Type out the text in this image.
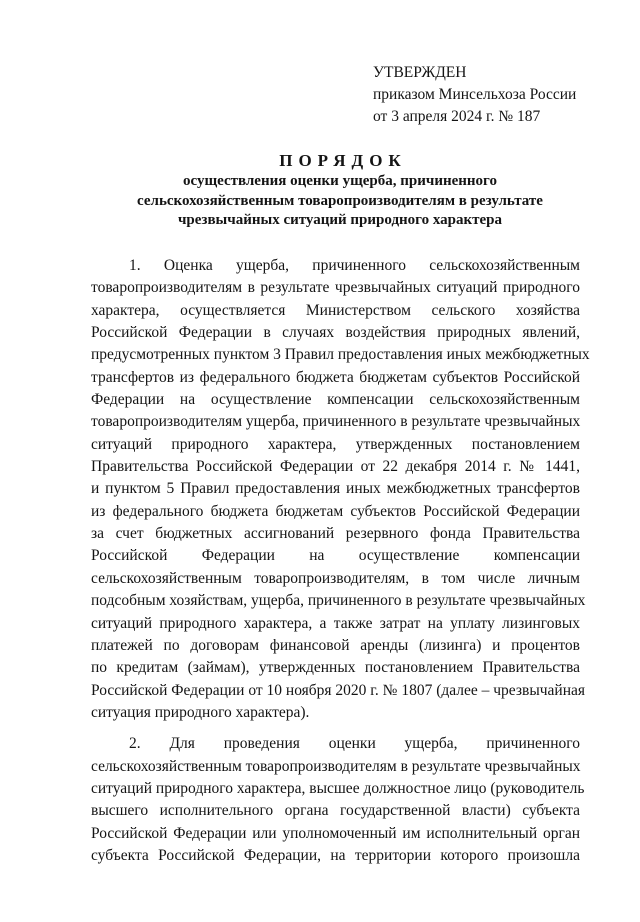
УТВЕРЖДЕН
приказом Минсельхоза России
от 3 апреля 2024 г. № 187
ПОРЯДОК
осуществления оценки ущерба, причиненного
сельскохозяйственным товаропроизводителям в результате
чрезвычайных ситуаций природного характера
1. Оценка ущерба, причиненного сельскохозяйственным
товаропроизводителям в результате чрезвычайных ситуаций природного
характера, осуществляется Министерством сельского хозяйства
Российской Федерации в случаях воздействия природных явлений,
предусмотренных пунктом 3 Правил предоставления иных межбюджетных
трансфертов из федерального бюджета бюджетам субъектов Российской
Федерации на осуществление компенсации сельскохозяйственным
товаропроизводителям ущерба, причиненного в результате чрезвычайных
ситуаций природного характера, утвержденных постановлением
Правительства Российской Федерации от 22 декабря 2014 г. № 1441,
и пунктом 5 Правил предоставления иных межбюджетных трансфертов
из федерального бюджета бюджетам субъектов Российской Федерации
за счет бюджетных ассигнований резервного фонда Правительства
Российской Федерации на осуществление компенсации
сельскохозяйственным товаропроизводителям, в том числе личным
подсобным хозяйствам, ущерба, причиненного в результате чрезвычайных
ситуаций природного характера, а также затрат на уплату лизинговых
платежей по договорам финансовой аренды (лизинга) и процентов
по кредитам (займам), утвержденных постановлением Правительства
Российской Федерации от 10 ноября 2020 г. № 1807 (далее – чрезвычайная
ситуация природного характера).
2. Для проведения оценки ущерба, причиненного
сельскохозяйственным товаропроизводителям в результате чрезвычайных
ситуаций природного характера, высшее должностное лицо (руководитель
высшего исполнительного органа государственной власти) субъекта
Российской Федерации или уполномоченный им исполнительный орган
субъекта Российской Федерации, на территории которого произошла
